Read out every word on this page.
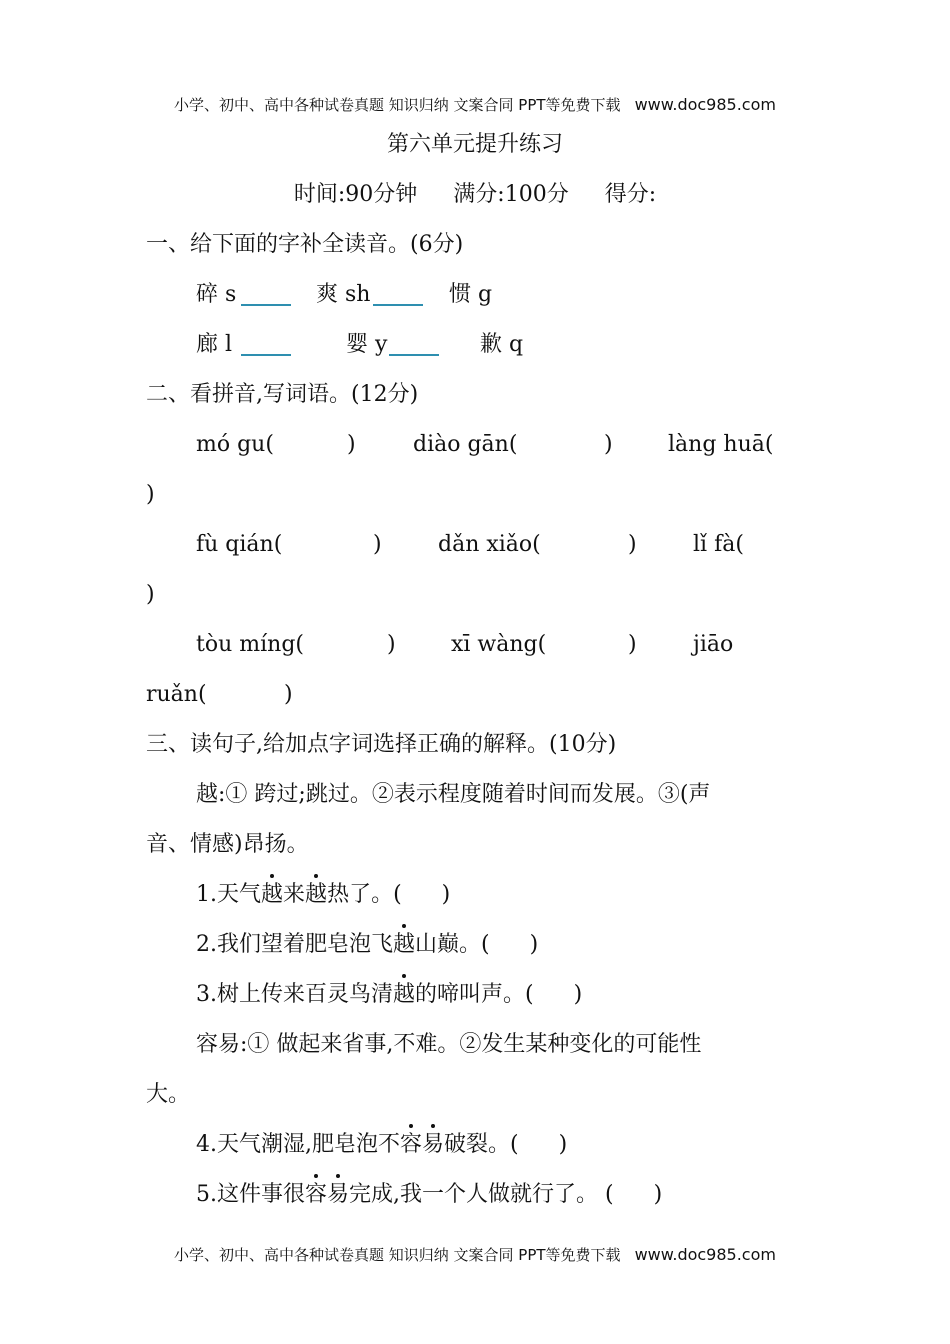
小学、初中、高中各种试卷真题 知识归纳 文案合同 PPT等免费下载 www.doc985.com
第六单元提升练习
时间:90分钟 满分:100分 得分:
一、给下面的字补全读音。(6分)
碎 s	爽 sh	惯 g
廊 l	婴 y	歉 q
二、看拼音,写词语。(12分)
mó gu(	)	diào gān(	)	làng huā(
)
fù qián(	)	dǎn xiǎo(	)	lǐ fà(
)
tòu míng(	)	xī wàng(	)	jiāo
ruǎn(	)
三、读句子,给加点字词选择正确的解释。(10分)
越:① 跨过;跳过。②表示程度随着时间而发展。③(声
音、情感)昂扬。
1.天气越来越热了。( )
2.我们望着肥皂泡飞越山巅。( )
3.树上传来百灵鸟清越的啼叫声。( )
容易:① 做起来省事,不难。②发生某种变化的可能性
大。
4.天气潮湿,肥皂泡不容易破裂。( )
5.这件事很容易完成,我一个人做就行了。 ( )
小学、初中、高中各种试卷真题 知识归纳 文案合同 PPT等免费下载 www.doc985.com
